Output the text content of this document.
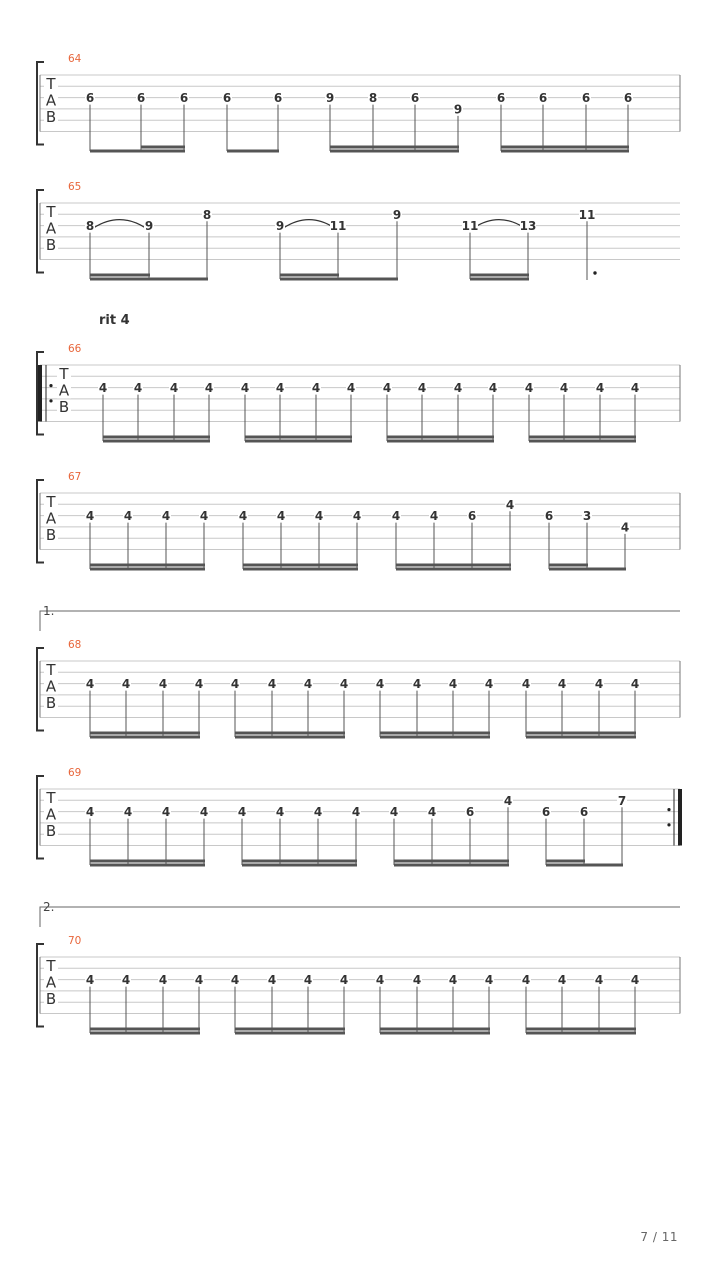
64
T
A
B
6	6	6	6	6	9	8	6
9
6	6	6	6
65
T
A
B
8	9
8
9	11
9
11	13
11
rit 4
66
T
A
B
4 4 4 4 4 4 4 4 4 4 4 4 4 4 4 4
67
T
A
B
4 4 4 4	4 4 4 4	4 4 6
4
6 3
4
1.
68
T
A
B
4 4 4 4 4 4 4 4 4 4 4 4 4 4 4 4
69
T
A
B
4 4 4 4 4 4 4 4 4 4 6
4
6 6
7
2.
70
T
A
B
4 4 4 4 4 4 4 4 4 4 4 4 4 4 4 4
7 / 11
